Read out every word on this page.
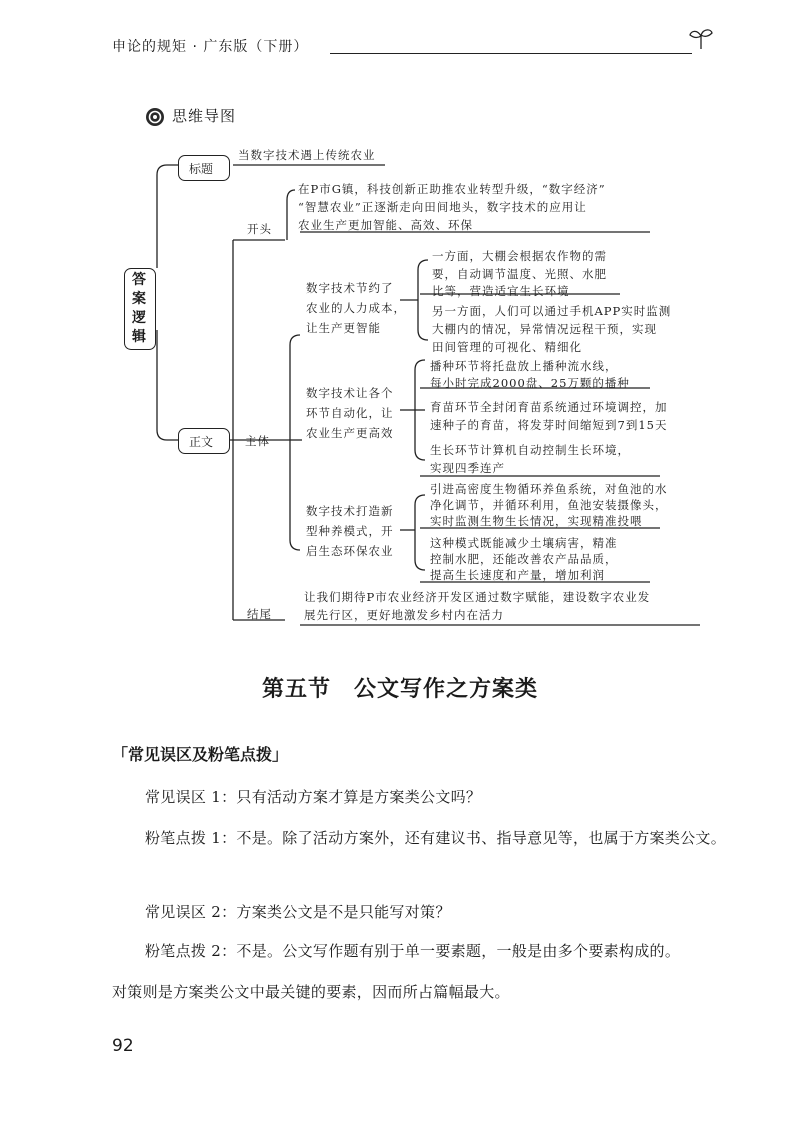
申论的规矩 · 广东版（下册）
思维导图
答
案
逻
辑
标题
当数字技术遇上传统农业
正文
开头
在P市G镇，科技创新正助推农业转型升级，“数字经济”
“智慧农业”正逐渐走向田间地头，数字技术的应用让
农业生产更加智能、高效、环保
主体
数字技术节约了
农业的人力成本，
让生产更智能
一方面，大棚会根据农作物的需
要，自动调节温度、光照、水肥
比等，营造适宜生长环境
另一方面，人们可以通过手机APP实时监测
大棚内的情况，异常情况远程干预，实现
田间管理的可视化、精细化
数字技术让各个
环节自动化，让
农业生产更高效
播种环节将托盘放上播种流水线，
每小时完成2000盘、25万颗的播种
育苗环节全封闭育苗系统通过环境调控，加
速种子的育苗，将发芽时间缩短到7到15天
生长环节计算机自动控制生长环境，
实现四季连产
数字技术打造新
型种养模式，开
启生态环保农业
引进高密度生物循环养鱼系统，对鱼池的水
净化调节，并循环利用，鱼池安装摄像头，
实时监测生物生长情况，实现精准投喂
这种模式既能减少土壤病害，精准
控制水肥，还能改善农产品品质，
提高生长速度和产量，增加利润
结尾
让我们期待P市农业经济开发区通过数字赋能，建设数字农业发
展先行区，更好地激发乡村内在活力
第五节　公文写作之方案类
「常见误区及粉笔点拨」
常见误区 1：只有活动方案才算是方案类公文吗？
粉笔点拨 1：不是。除了活动方案外，还有建议书、指导意见等，也属于方案类公文。
常见误区 2：方案类公文是不是只能写对策？
粉笔点拨 2：不是。公文写作题有别于单一要素题，一般是由多个要素构成的。
对策则是方案类公文中最关键的要素，因而所占篇幅最大。
92
